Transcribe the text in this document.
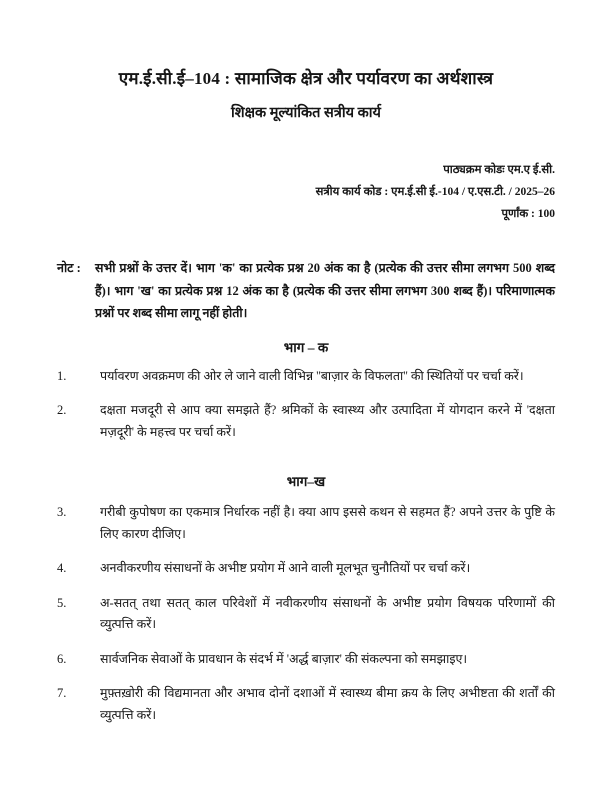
एम.ई.सी.ई–104 : सामाजिक क्षेत्र और पर्यावरण का अर्थशास्त्र
शिक्षक मूल्यांकित सत्रीय कार्य
पाठ्यक्रम कोडः एम.ए ई.सी.
सत्रीय कार्य कोड : एम.ई.सी ई.-104 / ए.एस.टी. / 2025–26
पूर्णांक : 100
नोट :	सभी प्रश्नों के उत्तर दें। भाग 'क' का प्रत्येक प्रश्न 20 अंक का है (प्रत्येक की उत्तर सीमा लगभग 500 शब्द हैं)। भाग 'ख' का प्रत्येक प्रश्न 12 अंक का है (प्रत्येक की उत्तर सीमा लगभग 300 शब्द हैं)। परिमाणात्मक प्रश्नों पर शब्द सीमा लागू नहीं होती।
भाग – क
1.	पर्यावरण अवक्रमण की ओर ले जाने वाली विभिन्न ''बाज़ार के विफलता'' की स्थितियों पर चर्चा करें।
2.	दक्षता मजदूरी से आप क्या समझते हैं? श्रमिकों के स्वास्थ्य और उत्पादिता में योगदान करने में 'दक्षता मज़दूरी' के महत्त्व पर चर्चा करें।
भाग–ख
3.	गरीबी कुपोषण का एकमात्र निर्धारक नहीं है। क्या आप इससे कथन से सहमत हैं? अपने उत्तर के पुष्टि के लिए कारण दीजिए।
4.	अनवीकरणीय संसाधनों के अभीष्ट प्रयोग में आने वाली मूलभूत चुनौतियों पर चर्चा करें।
5.	अ-सतत् तथा सतत् काल परिवेशों में नवीकरणीय संसाधनों के अभीष्ट प्रयोग विषयक परिणामों की व्युत्पत्ति करें।
6.	सार्वजनिक सेवाओं के प्रावधान के संदर्भ में 'अर्द्ध बाज़ार' की संकल्पना को समझाइए।
7.	मुफ़्तख़ोरी की विद्यमानता और अभाव दोनों दशाओं में स्वास्थ्य बीमा क्रय के लिए अभीष्टता की शर्तों की व्युत्पत्ति करें।
